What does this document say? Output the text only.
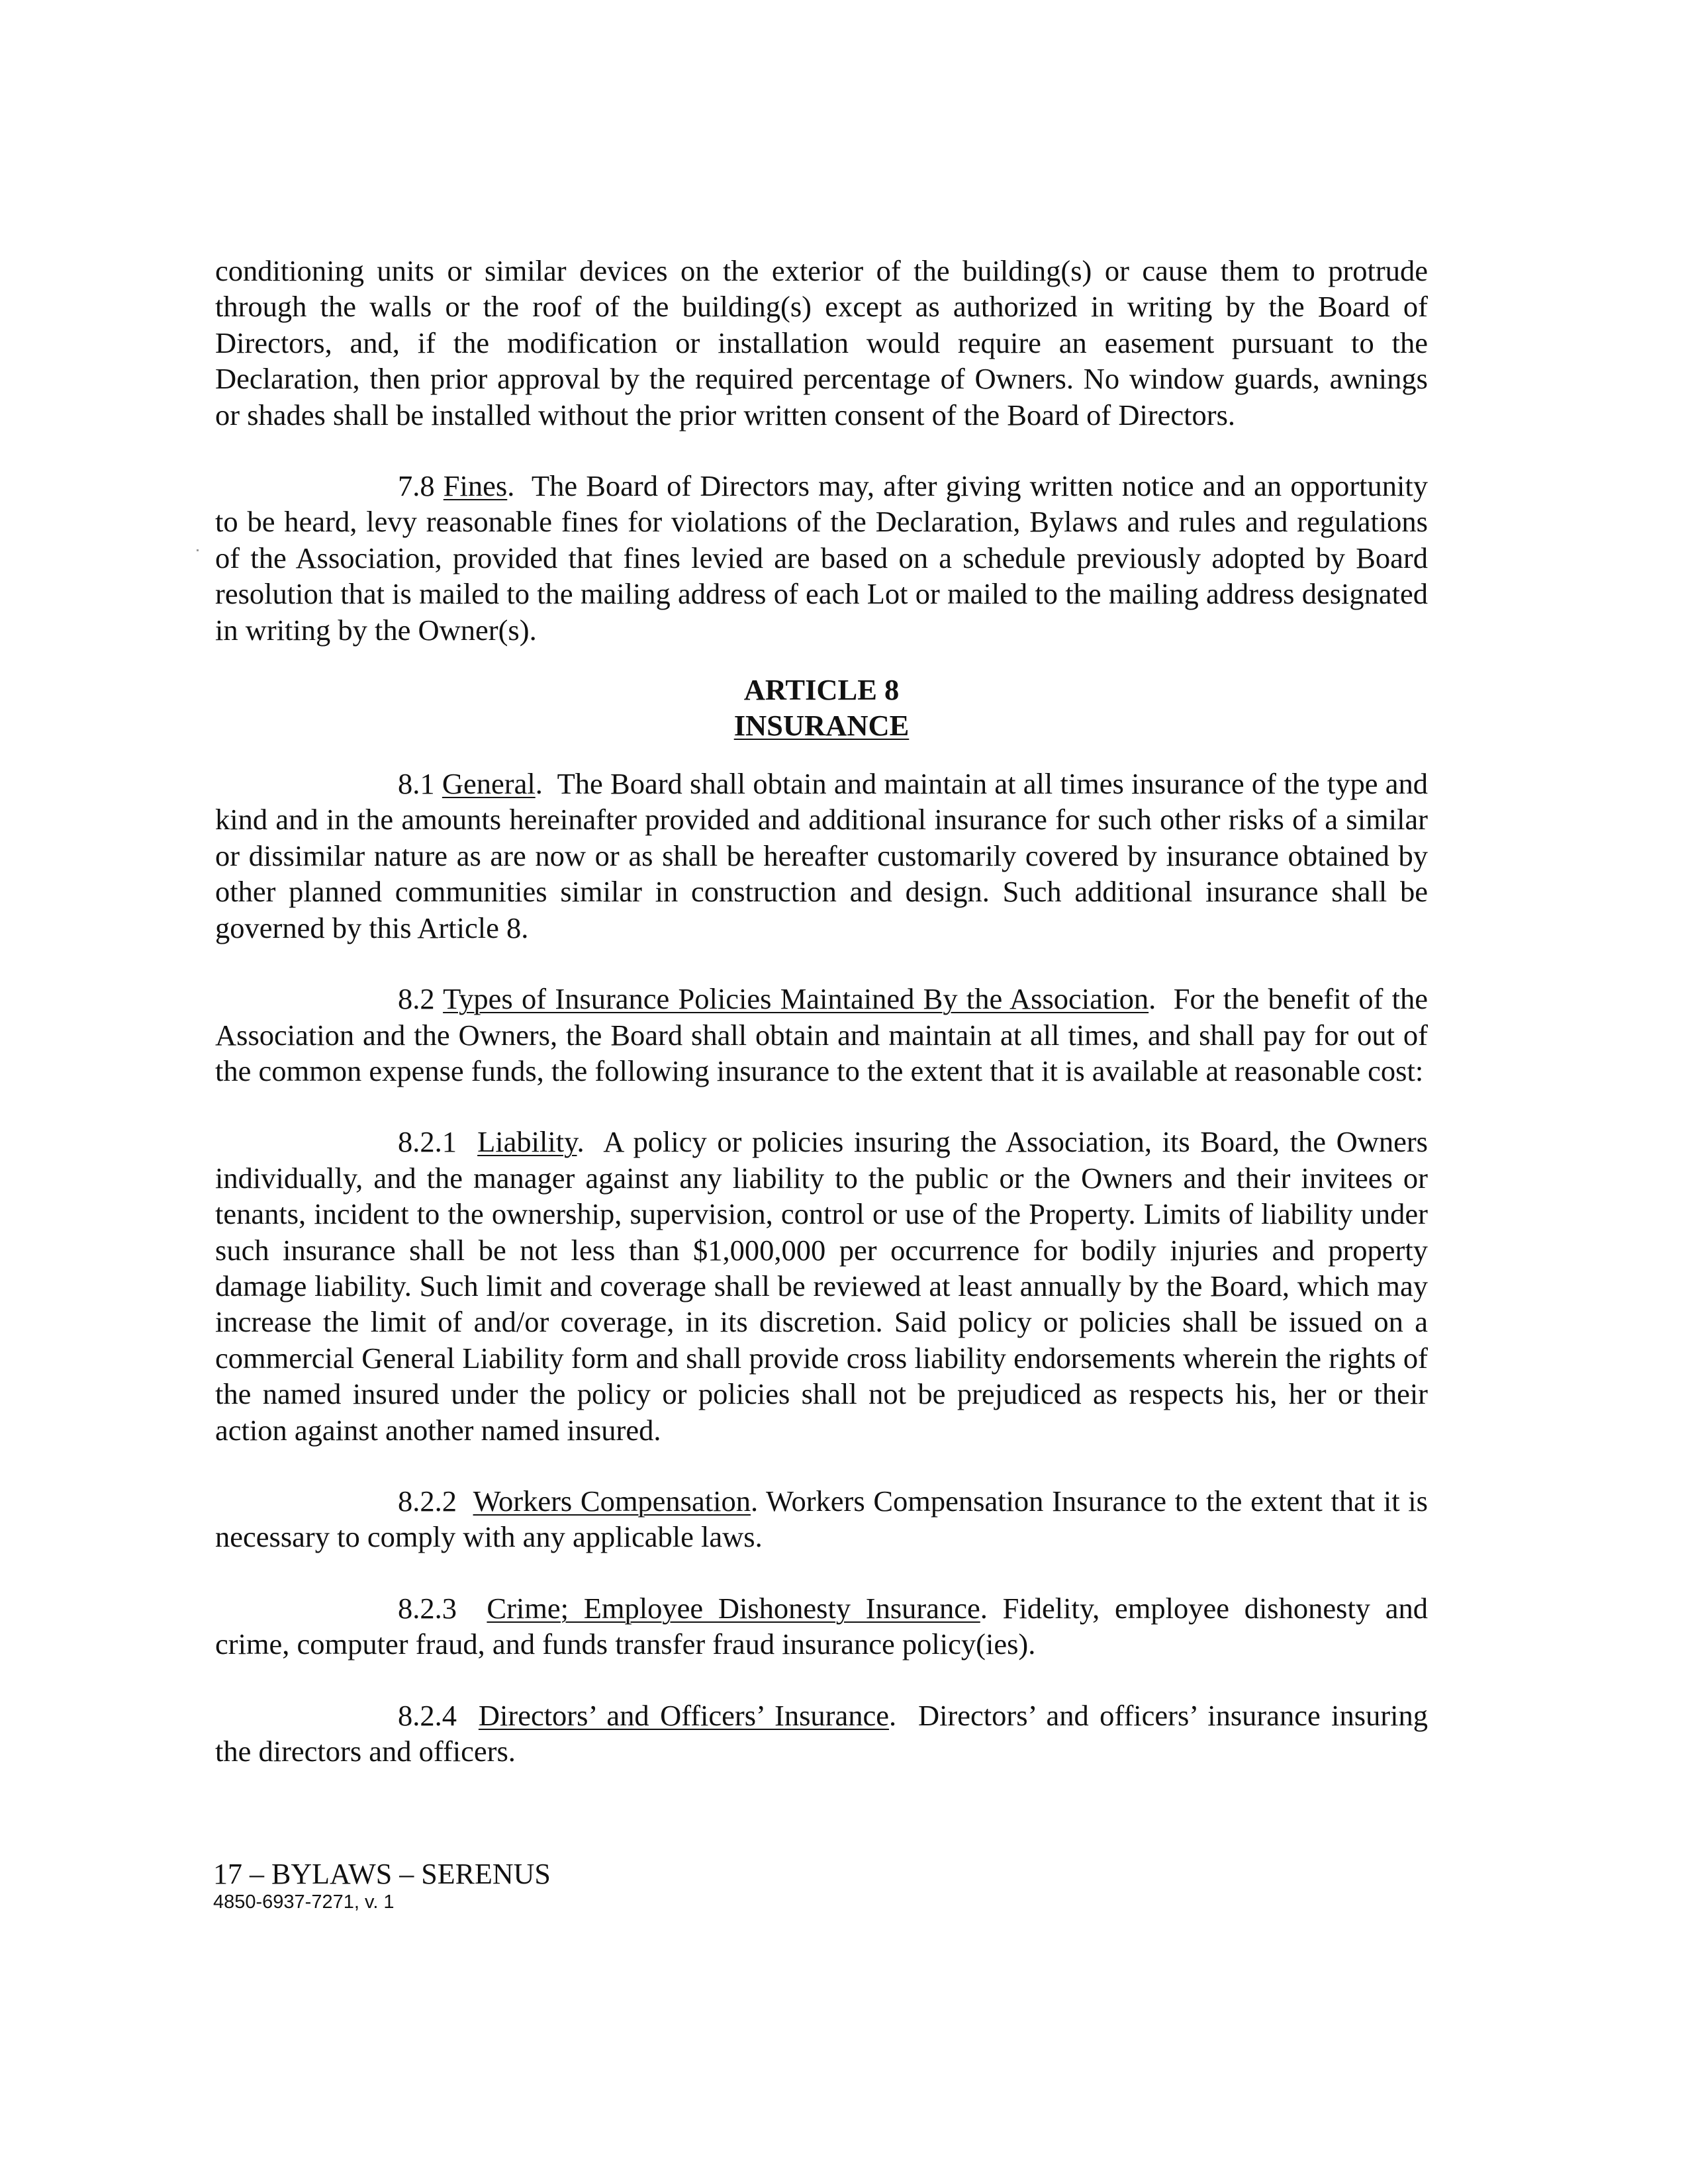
conditioning units or similar devices on the exterior of the building(s) or cause them to protrude through the walls or the roof of the building(s) except as authorized in writing by the Board of Directors, and, if the modification or installation would require an easement pursuant to the Declaration, then prior approval by the required percentage of Owners. No window guards, awnings or shades shall be installed without the prior written consent of the Board of Directors.

7.8 Fines.  The Board of Directors may, after giving written notice and an opportunity to be heard, levy reasonable fines for violations of the Declaration, Bylaws and rules and regulations of the Association, provided that fines levied are based on a schedule previously adopted by Board resolution that is mailed to the mailing address of each Lot or mailed to the mailing address designated in writing by the Owner(s).

ARTICLE 8
INSURANCE

8.1 General.  The Board shall obtain and maintain at all times insurance of the type and kind and in the amounts hereinafter provided and additional insurance for such other risks of a similar or dissimilar nature as are now or as shall be hereafter customarily covered by insurance obtained by other planned communities similar in construction and design. Such additional insurance shall be governed by this Article 8.

8.2 Types of Insurance Policies Maintained By the Association.  For the benefit of the Association and the Owners, the Board shall obtain and maintain at all times, and shall pay for out of the common expense funds, the following insurance to the extent that it is available at reasonable cost:

8.2.1 Liability.  A policy or policies insuring the Association, its Board, the Owners individually, and the manager against any liability to the public or the Owners and their invitees or tenants, incident to the ownership, supervision, control or use of the Property. Limits of liability under such insurance shall be not less than $1,000,000 per occurrence for bodily injuries and property damage liability. Such limit and coverage shall be reviewed at least annually by the Board, which may increase the limit of and/or coverage, in its discretion. Said policy or policies shall be issued on a commercial General Liability form and shall provide cross liability endorsements wherein the rights of the named insured under the policy or policies shall not be prejudiced as respects his, her or their action against another named insured.

8.2.2 Workers Compensation. Workers Compensation Insurance to the extent that it is necessary to comply with any applicable laws.

8.2.3 Crime; Employee Dishonesty Insurance. Fidelity, employee dishonesty and crime, computer fraud, and funds transfer fraud insurance policy(ies).

8.2.4 Directors’ and Officers’ Insurance.  Directors’ and officers’ insurance insuring the directors and officers.

17 – BYLAWS – SERENUS
4850-6937-7271, v. 1
